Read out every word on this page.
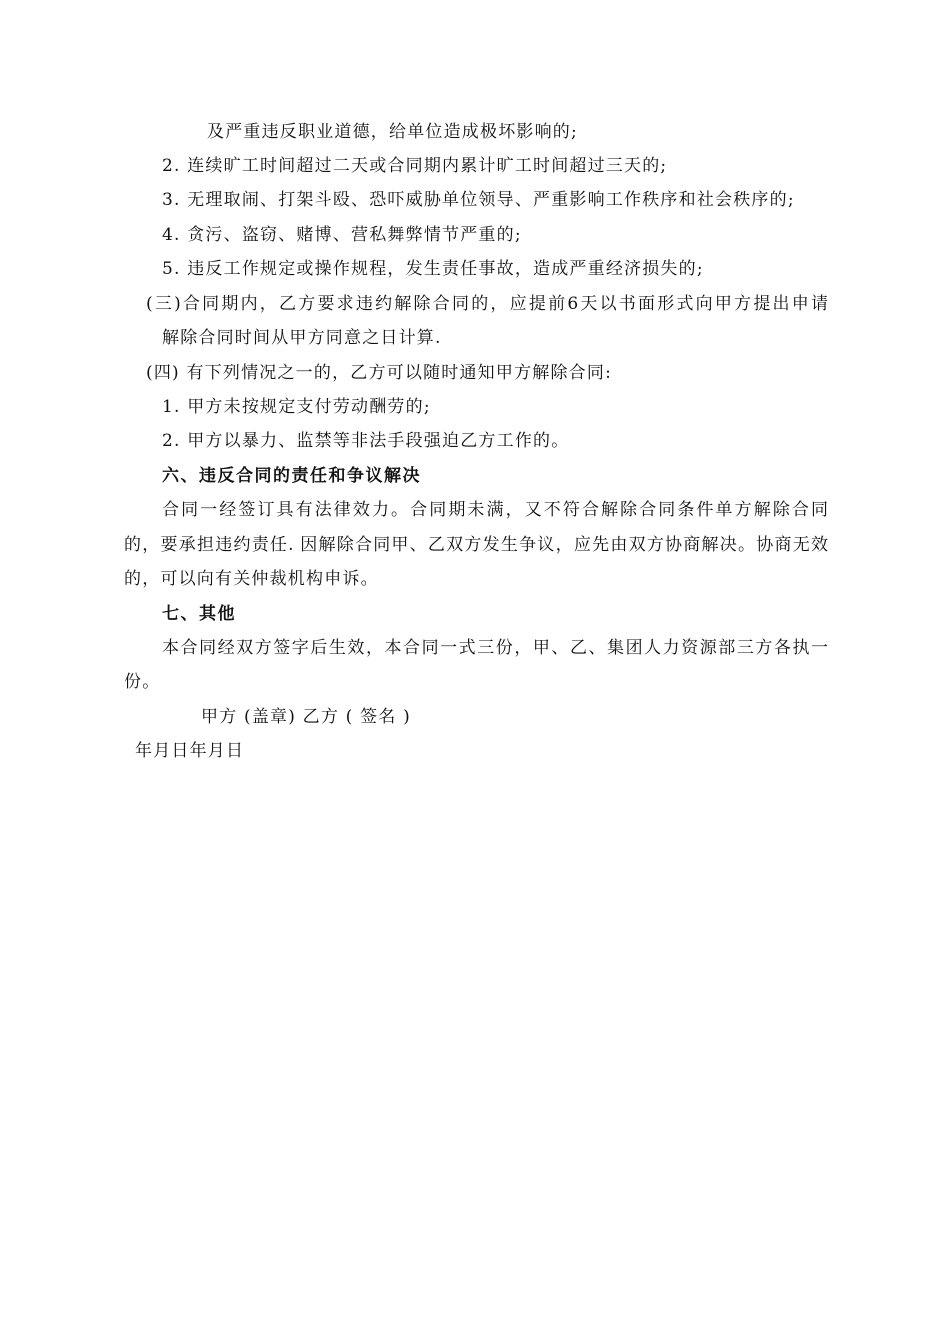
及严重违反职业道德，给单位造成极坏影响的;
2. 连续旷工时间超过二天或合同期内累计旷工时间超过三天的;
3. 无理取闹、打架斗殴、恐吓威胁单位领导、严重影响工作秩序和社会秩序的;
4. 贪污、盗窃、赌博、营私舞弊情节严重的;
5. 违反工作规定或操作规程，发生责任事故，造成严重经济损失的;
(三)合同期内，乙方要求违约解除合同的，应提前6天以书面形式向甲方提出申请
解除合同时间从甲方同意之日计算.
(四) 有下列情况之一的，乙方可以随时通知甲方解除合同:
1. 甲方未按规定支付劳动酬劳的;
2. 甲方以暴力、监禁等非法手段强迫乙方工作的。
六、违反合同的责任和争议解决
合同一经签订具有法律效力。合同期未满，又不符合解除合同条件单方解除合同
的，要承担违约责任. 因解除合同甲、乙双方发生争议，应先由双方协商解决。协商无效
的，可以向有关仲裁机构申诉。
七、其他
本合同经双方签字后生效，本合同一式三份，甲、乙、集团人力资源部三方各执一
份。
甲方 (盖章) 乙方 ( 签名 )
年月日年月日
